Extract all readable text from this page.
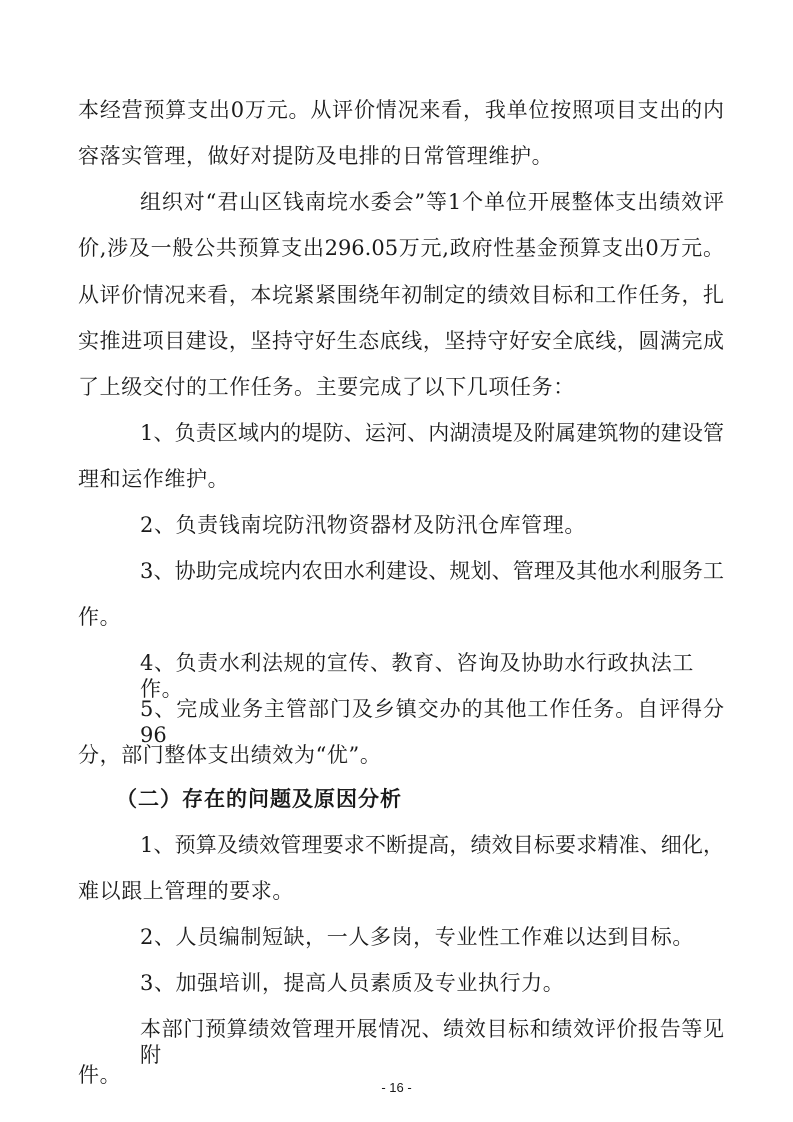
本经营预算支出0万元。从评价情况来看，我单位按照项目支出的内
容落实管理，做好对提防及电排的日常管理维护。
组织对“君山区钱南垸水委会”等1个单位开展整体支出绩效评
价,涉及一般公共预算支出296.05万元,政府性基金预算支出0万元。
从评价情况来看，本垸紧紧围绕年初制定的绩效目标和工作任务，扎
实推进项目建设，坚持守好生态底线，坚持守好安全底线，圆满完成
了上级交付的工作任务。主要完成了以下几项任务：
1、负责区域内的堤防、运河、内湖渍堤及附属建筑物的建设管
理和运作维护。
2、负责钱南垸防汛物资器材及防汛仓库管理。
3、协助完成垸内农田水利建设、规划、管理及其他水利服务工
作。
4、负责水利法规的宣传、教育、咨询及协助水行政执法工作。
5、完成业务主管部门及乡镇交办的其他工作任务。自评得分96
分，部门整体支出绩效为“优”。
（二）存在的问题及原因分析
1、预算及绩效管理要求不断提高，绩效目标要求精准、细化，
难以跟上管理的要求。
2、人员编制短缺，一人多岗，专业性工作难以达到目标。
3、加强培训，提高人员素质及专业执行力。
本部门预算绩效管理开展情况、绩效目标和绩效评价报告等见附
件。
- 16 -
